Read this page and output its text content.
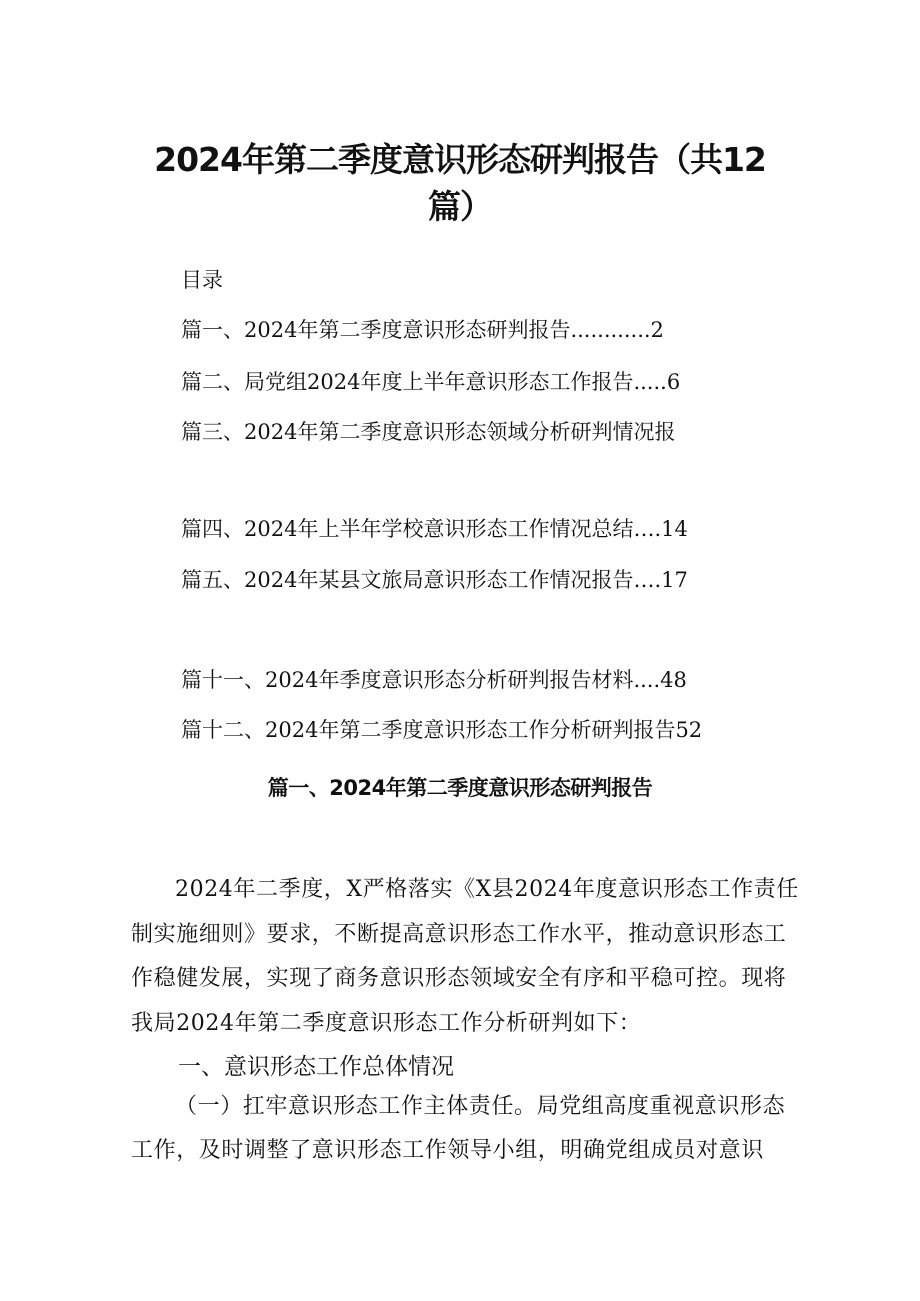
2024年第二季度意识形态研判报告（共12
篇）
目录
篇一、2024年第二季度意识形态研判报告............2
篇二、局党组2024年度上半年意识形态工作报告.....6
篇三、2024年第二季度意识形态领域分析研判情况报
篇四、2024年上半年学校意识形态工作情况总结….14
篇五、2024年某县文旅局意识形态工作情况报告….17
篇十一、2024年季度意识形态分析研判报告材料....48
篇十二、2024年第二季度意识形态工作分析研判报告52
篇一、2024年第二季度意识形态研判报告
2024年二季度，X严格落实《X县2024年度意识形态工作责任制实施细则》要求，不断提高意识形态工作水平，推动意识形态工作稳健发展，实现了商务意识形态领域安全有序和平稳可控。现将我局2024年第二季度意识形态工作分析研判如下：
一、意识形态工作总体情况
（一）扛牢意识形态工作主体责任。局党组高度重视意识形态工作，及时调整了意识形态工作领导小组，明确党组成员对意识
